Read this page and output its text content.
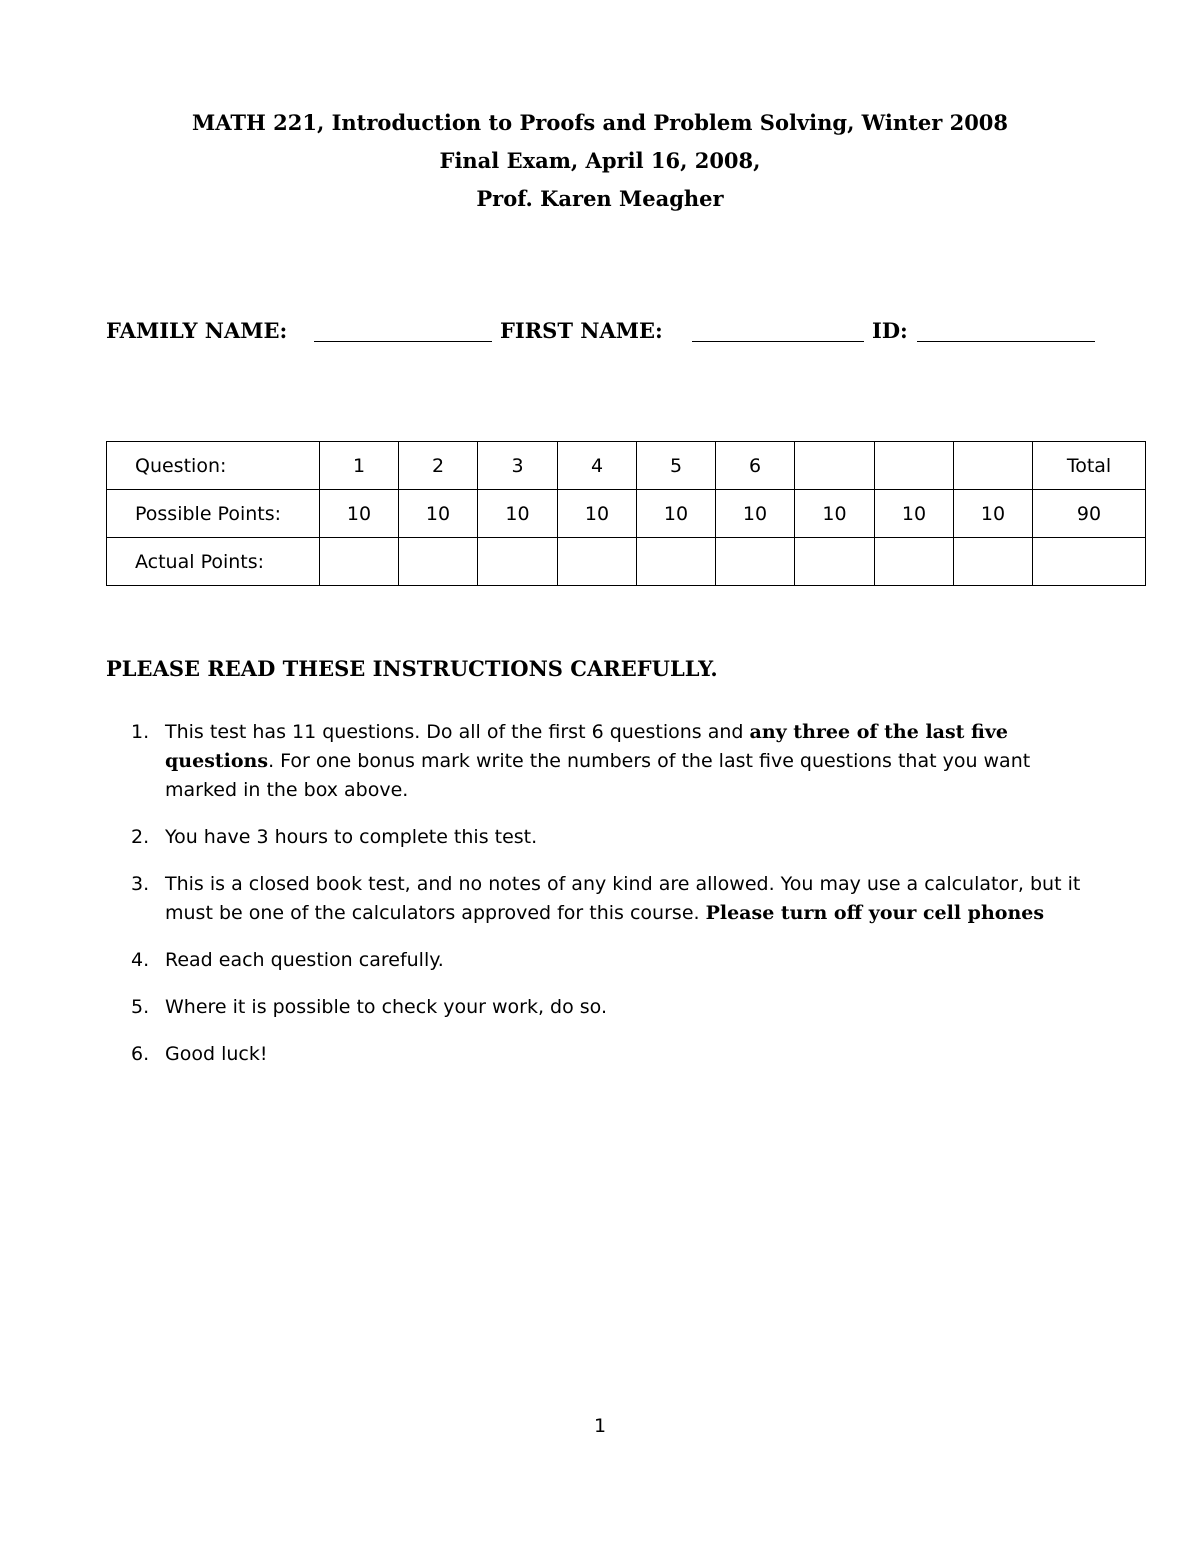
MATH 221, Introduction to Proofs and Problem Solving, Winter 2008
Final Exam, April 16, 2008,
Prof. Karen Meagher
FAMILY NAME:	FIRST NAME:	ID:
Question:	1	2	3	4	5	6				Total
Possible Points:	10	10	10	10	10	10	10	10	10	90
Actual Points:										
PLEASE READ THESE INSTRUCTIONS CAREFULLY.
1. This test has 11 questions. Do all of the first 6 questions and any three of the last five questions. For one bonus mark write the numbers of the last five questions that you want marked in the box above.
2. You have 3 hours to complete this test.
3. This is a closed book test, and no notes of any kind are allowed. You may use a calculator, but it must be one of the calculators approved for this course. Please turn off your cell phones
4. Read each question carefully.
5. Where it is possible to check your work, do so.
6. Good luck!
1
